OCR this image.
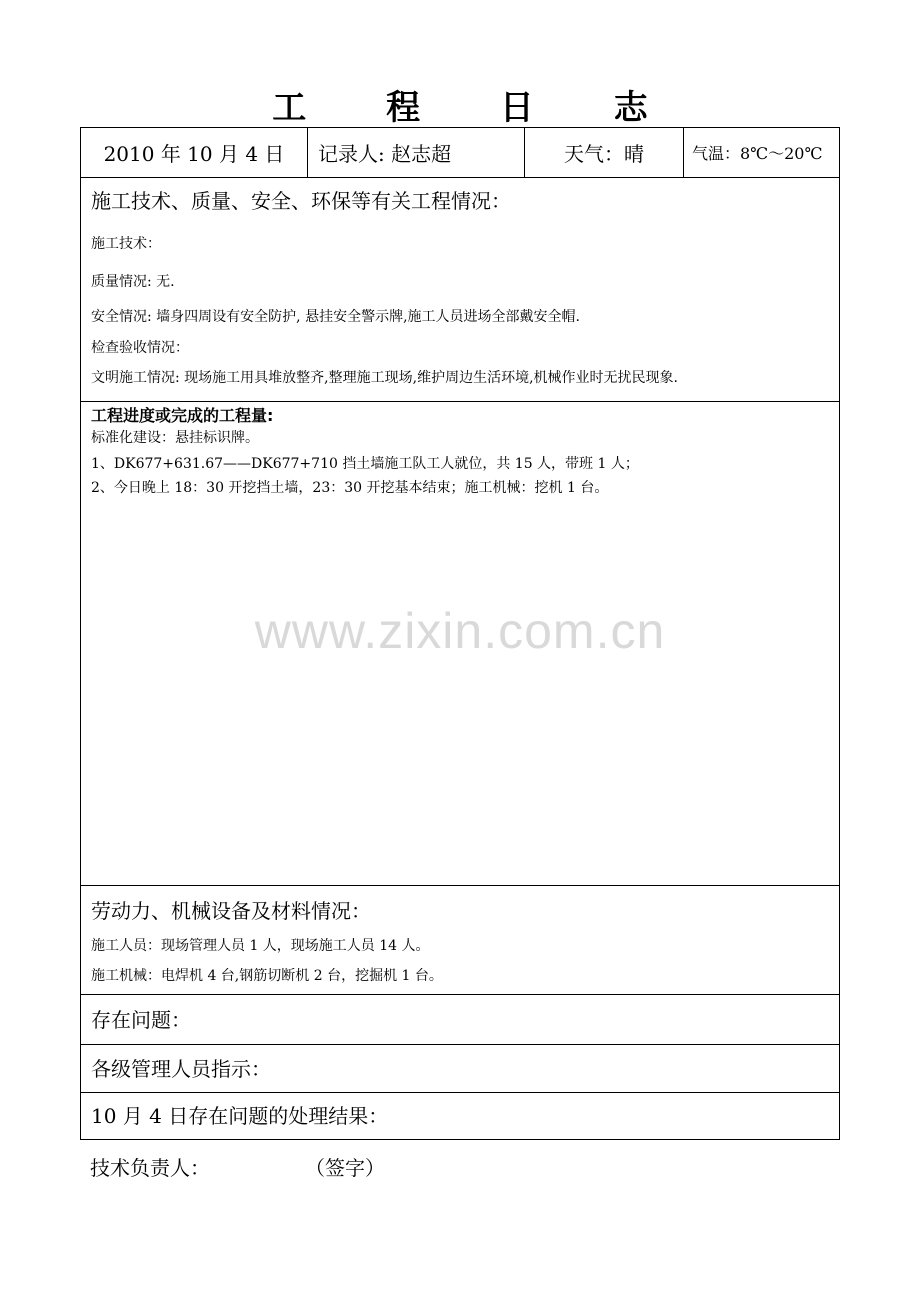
工 程 日 志
2010 年 10 月 4 日	记录人: 赵志超	天气：晴	气温：8℃～20℃
施工技术、质量、安全、环保等有关工程情况：
施工技术：
质量情况: 无.
安全情况: 墙身四周设有安全防护, 悬挂安全警示牌,施工人员进场全部戴安全帽.
检查验收情况：
文明施工情况: 现场施工用具堆放整齐,整理施工现场,维护周边生活环境,机械作业时无扰民现象.
工程进度或完成的工程量:
标准化建设：悬挂标识牌。
1、DK677+631.67——DK677+710 挡土墙施工队工人就位，共 15 人，带班 1 人；
2、今日晚上 18：30 开挖挡土墙，23：30 开挖基本结束；施工机械：挖机 1 台。
劳动力、机械设备及材料情况：
施工人员：现场管理人员 1 人，现场施工人员 14 人。
施工机械：电焊机 4 台,钢筋切断机 2 台，挖掘机 1 台。
存在问题：
各级管理人员指示：
10 月 4 日存在问题的处理结果：
www.zixin.com.cn
技术负责人：	（签字）
